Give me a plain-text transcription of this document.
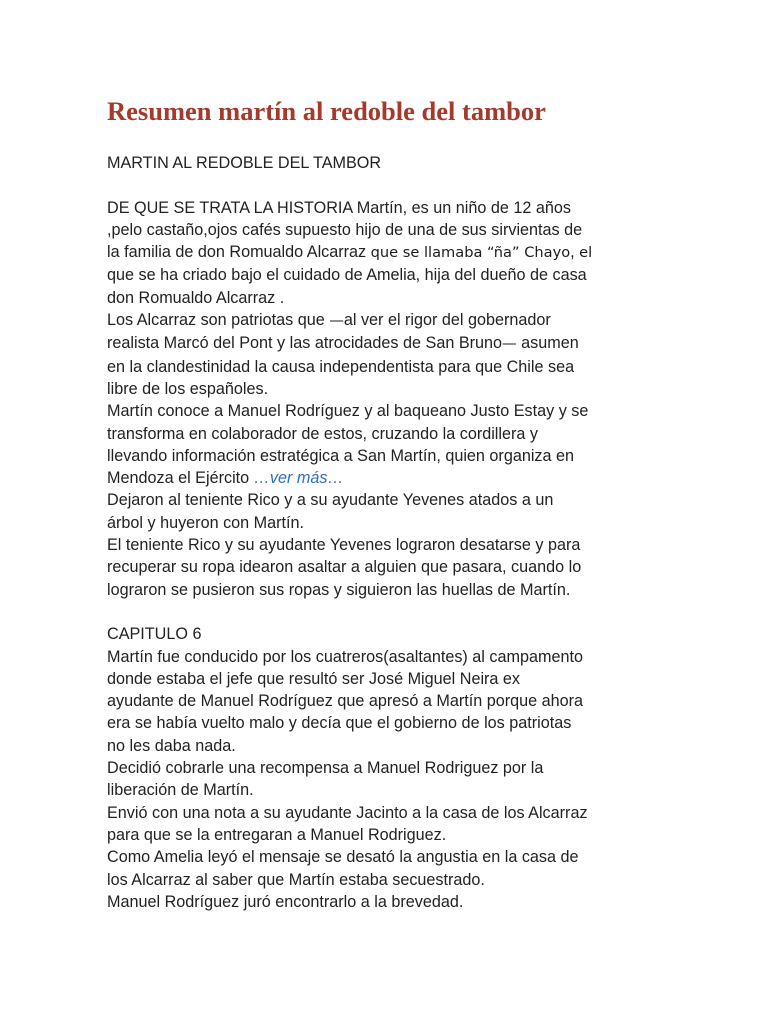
Resumen martín al redoble del tambor

MARTIN AL REDOBLE DEL TAMBOR

DE QUE SE TRATA LA HISTORIA Martín, es un niño de 12 años

,pelo castaño,ojos cafés supuesto hijo de una de sus sirvientas de

la familia de don Romualdo Alcarraz que se llamaba “ña” Chayo, el

que se ha criado bajo el cuidado de Amelia, hija del dueño de casa

don Romualdo Alcarraz .

Los Alcarraz son patriotas que —al ver el rigor del gobernador

realista Marcó del Pont y las atrocidades de San Bruno— asumen

en la clandestinidad la causa independentista para que Chile sea

libre de los españoles.

Martín conoce a Manuel Rodríguez y al baqueano Justo Estay y se

transforma en colaborador de estos, cruzando la cordillera y

llevando información estratégica a San Martín, quien organiza en

Mendoza el Ejército …ver más…

Dejaron al teniente Rico y a su ayudante Yevenes atados a un

árbol y huyeron con Martín.

El teniente Rico y su ayudante Yevenes lograron desatarse y para

recuperar su ropa idearon asaltar a alguien que pasara, cuando lo

lograron se pusieron sus ropas y siguieron las huellas de Martín.

CAPITULO 6

Martín fue conducido por los cuatreros(asaltantes) al campamento

donde estaba el jefe que resultó ser José Miguel Neira ex

ayudante de Manuel Rodríguez que apresó a Martín porque ahora

era se había vuelto malo y decía que el gobierno de los patriotas

no les daba nada.

Decidió cobrarle una recompensa a Manuel Rodriguez por la

liberación de Martín.

Envió con una nota a su ayudante Jacinto a la casa de los Alcarraz

para que se la entregaran a Manuel Rodriguez.

Como Amelia leyó el mensaje se desató la angustia en la casa de

los Alcarraz al saber que Martín estaba secuestrado.

Manuel Rodríguez juró encontrarlo a la brevedad.
